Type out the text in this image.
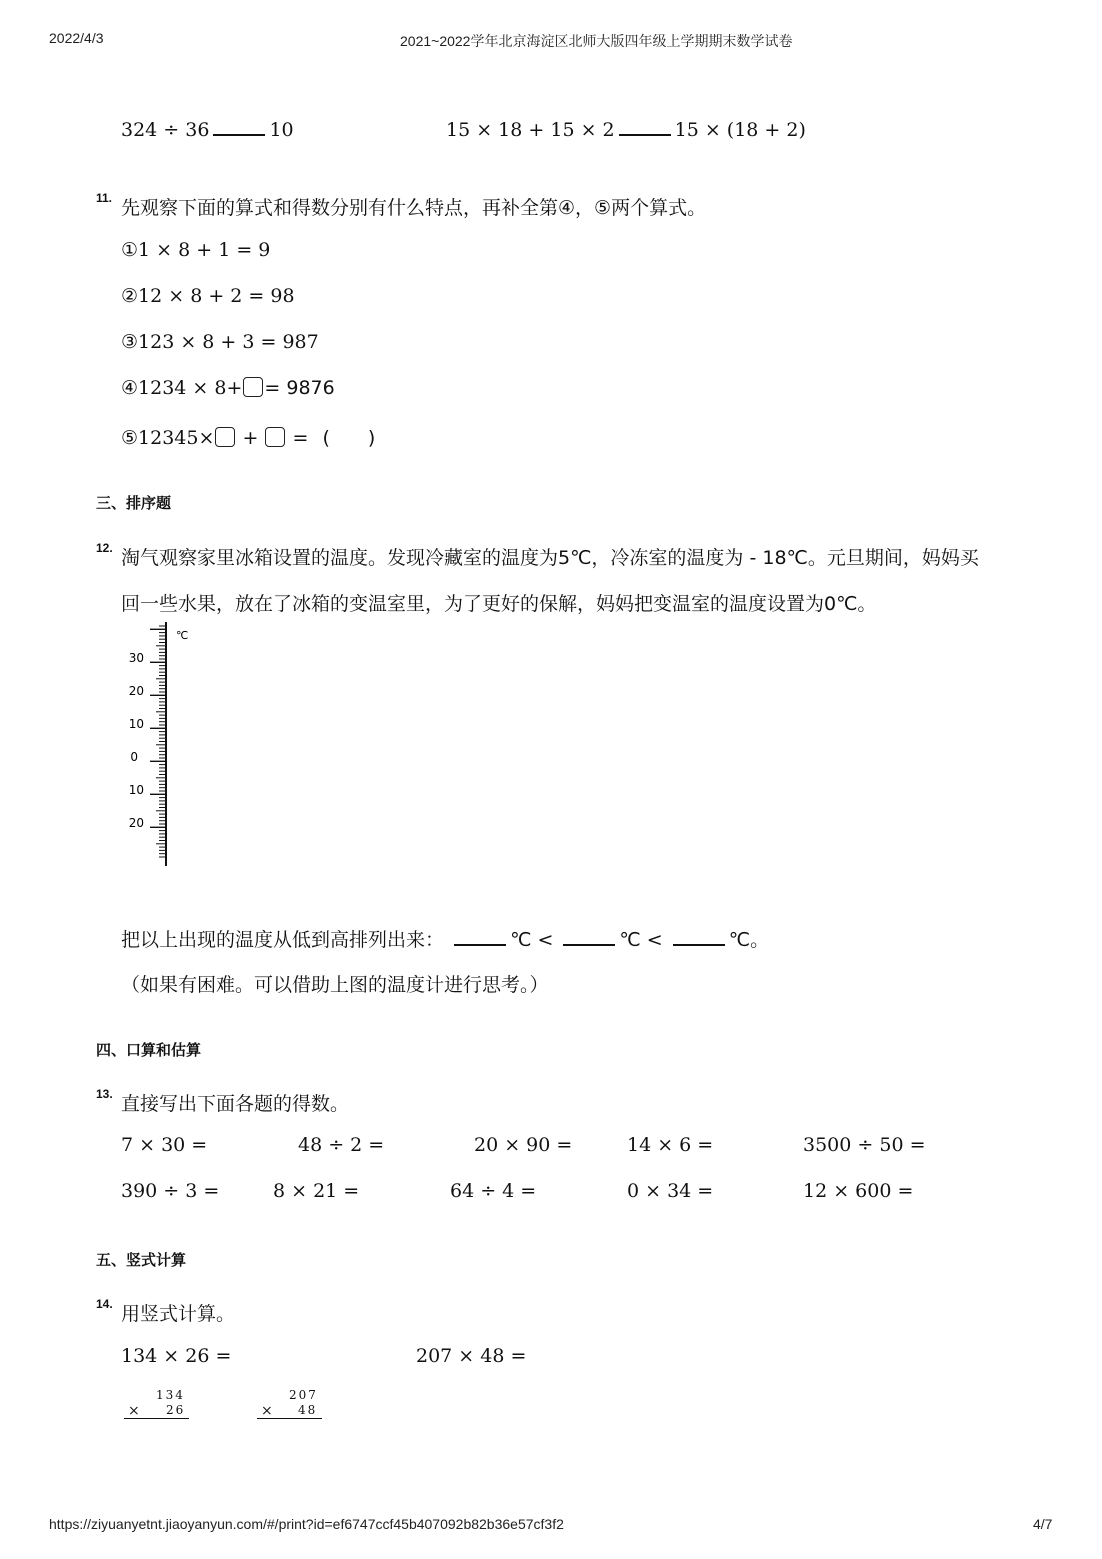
2022/4/3	2021~2022学年北京海淀区北师大版四年级上学期期末数学试卷
324 ÷ 36	10	15 × 18 + 15 × 2	15 × (18 + 2)
11. 先观察下面的算式和得数分别有什么特点，再补全第④，⑤两个算式。
①1 × 8 + 1 = 9
②12 × 8 + 2 = 98
③123 × 8 + 3 = 987
④1234 × 8+ = 9876
⑤12345× + = (　　)
三、排序题
12. 淘气观察家里冰箱设置的温度。发现冷藏室的温度为5℃，冷冻室的温度为 - 18℃。元旦期间，妈妈买
回一些水果，放在了冰箱的变温室里，为了更好的保解，妈妈把变温室的温度设置为0℃。
℃
30
20
10
0
10
20
把以上出现的温度从低到高排列出来：	℃ <	℃ <	℃。
（如果有困难。可以借助上图的温度计进行思考。）
四、口算和估算
13. 直接写出下面各题的得数。
7 × 30 =	48 ÷ 2 =	20 × 90 =	14 × 6 =	3500 ÷ 50 =
390 ÷ 3 =	8 × 21 =	64 ÷ 4 =	0 × 34 =	12 × 600 =
五、竖式计算
14. 用竖式计算。
134 × 26 =	207 × 48 =
134
× 26
207
× 48
https://ziyuanyetnt.jiaoyanyun.com/#/print?id=ef6747ccf45b407092b82b36e57cf3f2	4/7
